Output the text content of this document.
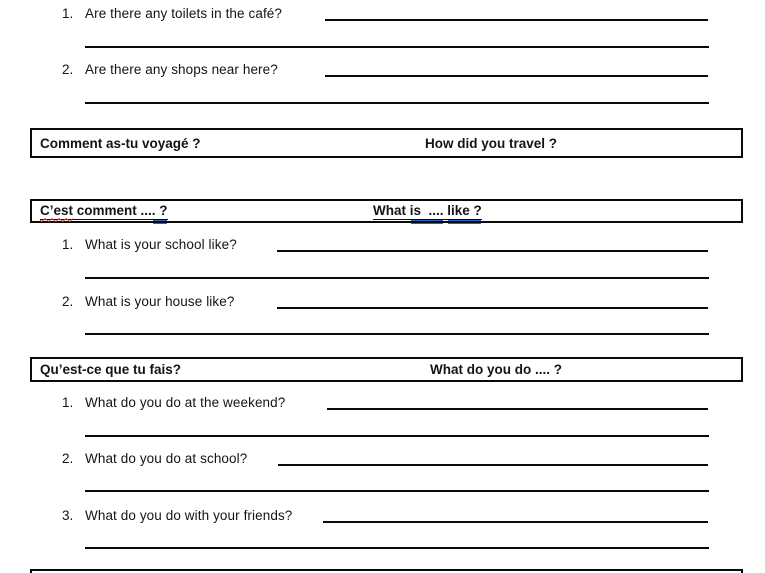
1. Are there any toilets in the café?
2. Are there any shops near here?
Comment as-tu voyagé ?	How did you travel ?
C’est comment .... ?	What is  .... like ?
1. What is your school like?
2. What is your house like?
Qu’est-ce que tu fais?	What do you do .... ?
1. What do you do at the weekend?
2. What do you do at school?
3. What do you do with your friends?
